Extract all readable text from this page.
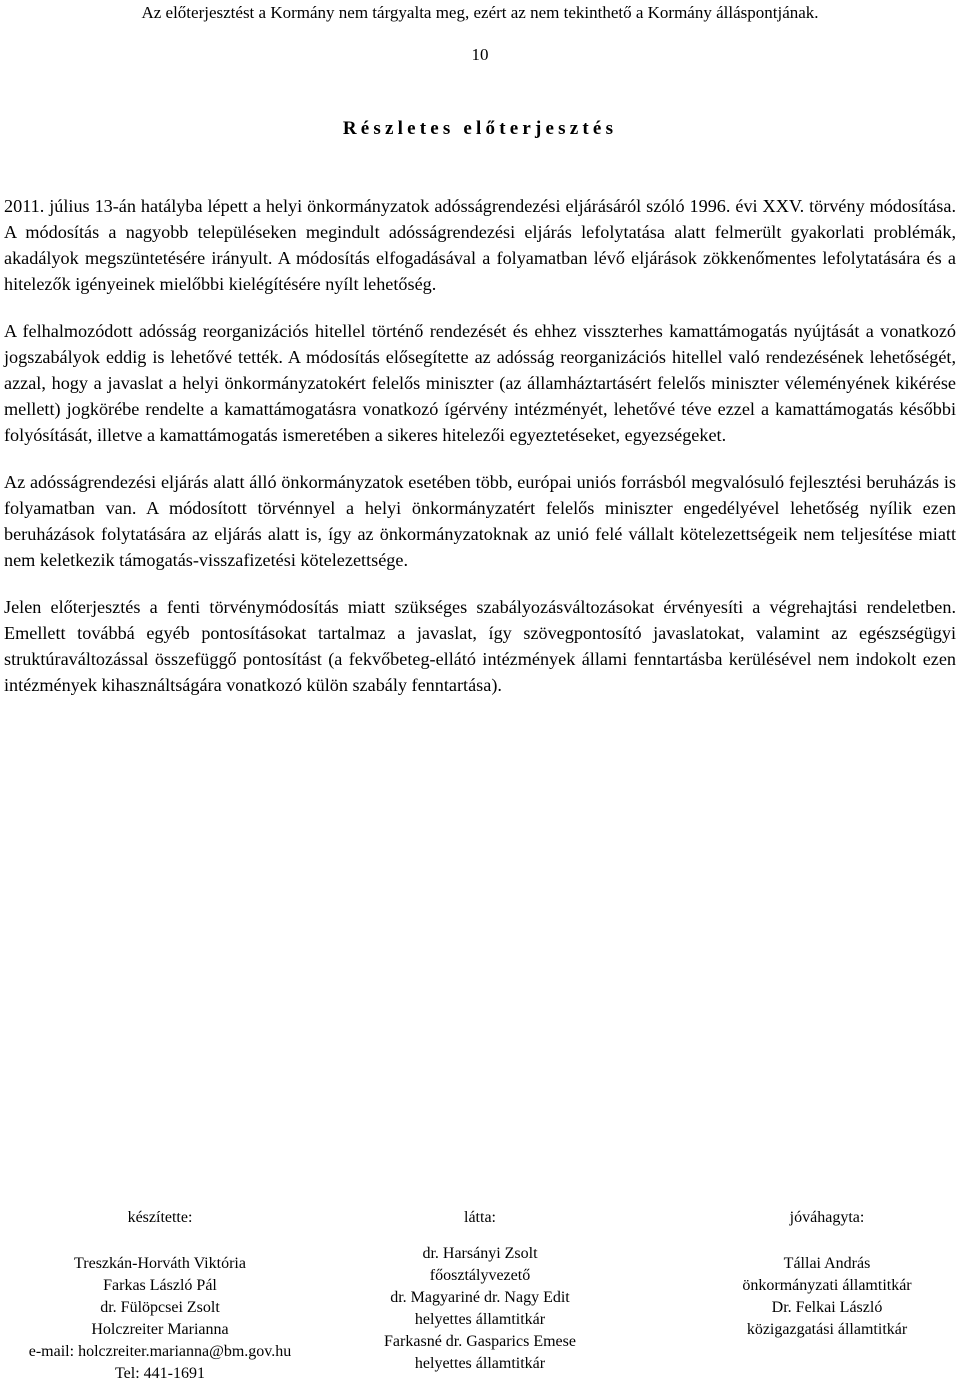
Az előterjesztést a Kormány nem tárgyalta meg, ezért az nem tekinthető a Kormány álláspontjának.
10
Részletes előterjesztés

2011. július 13-án hatályba lépett a helyi önkormányzatok adósságrendezési eljárásáról szóló 1996. évi XXV. törvény módosítása. A módosítás a nagyobb településeken megindult adósságrendezési eljárás lefolytatása alatt felmerült gyakorlati problémák, akadályok megszüntetésére irányult. A módosítás elfogadásával a folyamatban lévő eljárások zökkenőmentes lefolytatására és a hitelezők igényeinek mielőbbi kielégítésére nyílt lehetőség.

A felhalmozódott adósság reorganizációs hitellel történő rendezését és ehhez visszterhes kamattámogatás nyújtását a vonatkozó jogszabályok eddig is lehetővé tették. A módosítás elősegítette az adósság reorganizációs hitellel való rendezésének lehetőségét, azzal, hogy a javaslat a helyi önkormányzatokért felelős miniszter (az államháztartásért felelős miniszter véleményének kikérése mellett) jogkörébe rendelte a kamattámogatásra vonatkozó ígérvény intézményét, lehetővé téve ezzel a kamattámogatás későbbi folyósítását, illetve a kamattámogatás ismeretében a sikeres hitelezői egyeztetéseket, egyezségeket.

Az adósságrendezési eljárás alatt álló önkormányzatok esetében több, európai uniós forrásból megvalósuló fejlesztési beruházás is folyamatban van. A módosított törvénnyel a helyi önkormányzatért felelős miniszter engedélyével lehetőség nyílik ezen beruházások folytatására az eljárás alatt is, így az önkormányzatoknak az unió felé vállalt kötelezettségeik nem teljesítése miatt nem keletkezik támogatás-visszafizetési kötelezettsége.

Jelen előterjesztés a fenti törvénymódosítás miatt szükséges szabályozásváltozásokat érvényesíti a végrehajtási rendeletben. Emellett továbbá egyéb pontosításokat tartalmaz a javaslat, így szövegpontosító javaslatokat, valamint az egészségügyi struktúraváltozással összefüggő pontosítást (a fekvőbeteg-ellátó intézmények állami fenntartásba kerülésével nem indokolt ezen intézmények kihasználtságára vonatkozó külön szabály fenntartása).

készítette:
Treszkán-Horváth Viktória
Farkas László Pál
dr. Fülöpcsei Zsolt
Holczreiter Marianna
e-mail: holczreiter.marianna@bm.gov.hu
Tel: 441-1691
látta:
dr. Harsányi Zsolt
főosztályvezető
dr. Magyariné dr. Nagy Edit
helyettes államtitkár
Farkasné dr. Gasparics Emese
helyettes államtitkár
jóváhagyta:
Tállai András
önkormányzati államtitkár
Dr. Felkai László
közigazgatási államtitkár
